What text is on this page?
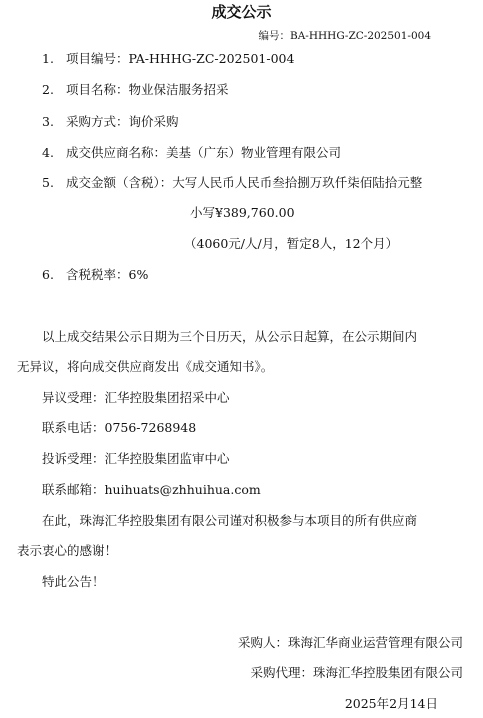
成交公示
编号：BA-HHHG-ZC-202501-004
1. 项目编号：PA-HHHG-ZC-202501-004
2. 项目名称：物业保洁服务招采
3. 采购方式：询价采购
4. 成交供应商名称：美基（广东）物业管理有限公司
5. 成交金额（含税）：大写人民币人民币叁拾捌万玖仟柒佰陆拾元整
小写¥389,760.00
（4060元/人/月，暂定8人，12个月）
6. 含税税率：6%
以上成交结果公示日期为三个日历天，从公示日起算，在公示期间内
无异议，将向成交供应商发出《成交通知书》。
异议受理：汇华控股集团招采中心
联系电话：0756-7268948
投诉受理：汇华控股集团监审中心
联系邮箱：huihuats@zhhuihua.com
在此，珠海汇华控股集团有限公司谨对积极参与本项目的所有供应商
表示衷心的感谢！
特此公告！
采购人：珠海汇华商业运营管理有限公司
采购代理：珠海汇华控股集团有限公司
2025年2月14日
